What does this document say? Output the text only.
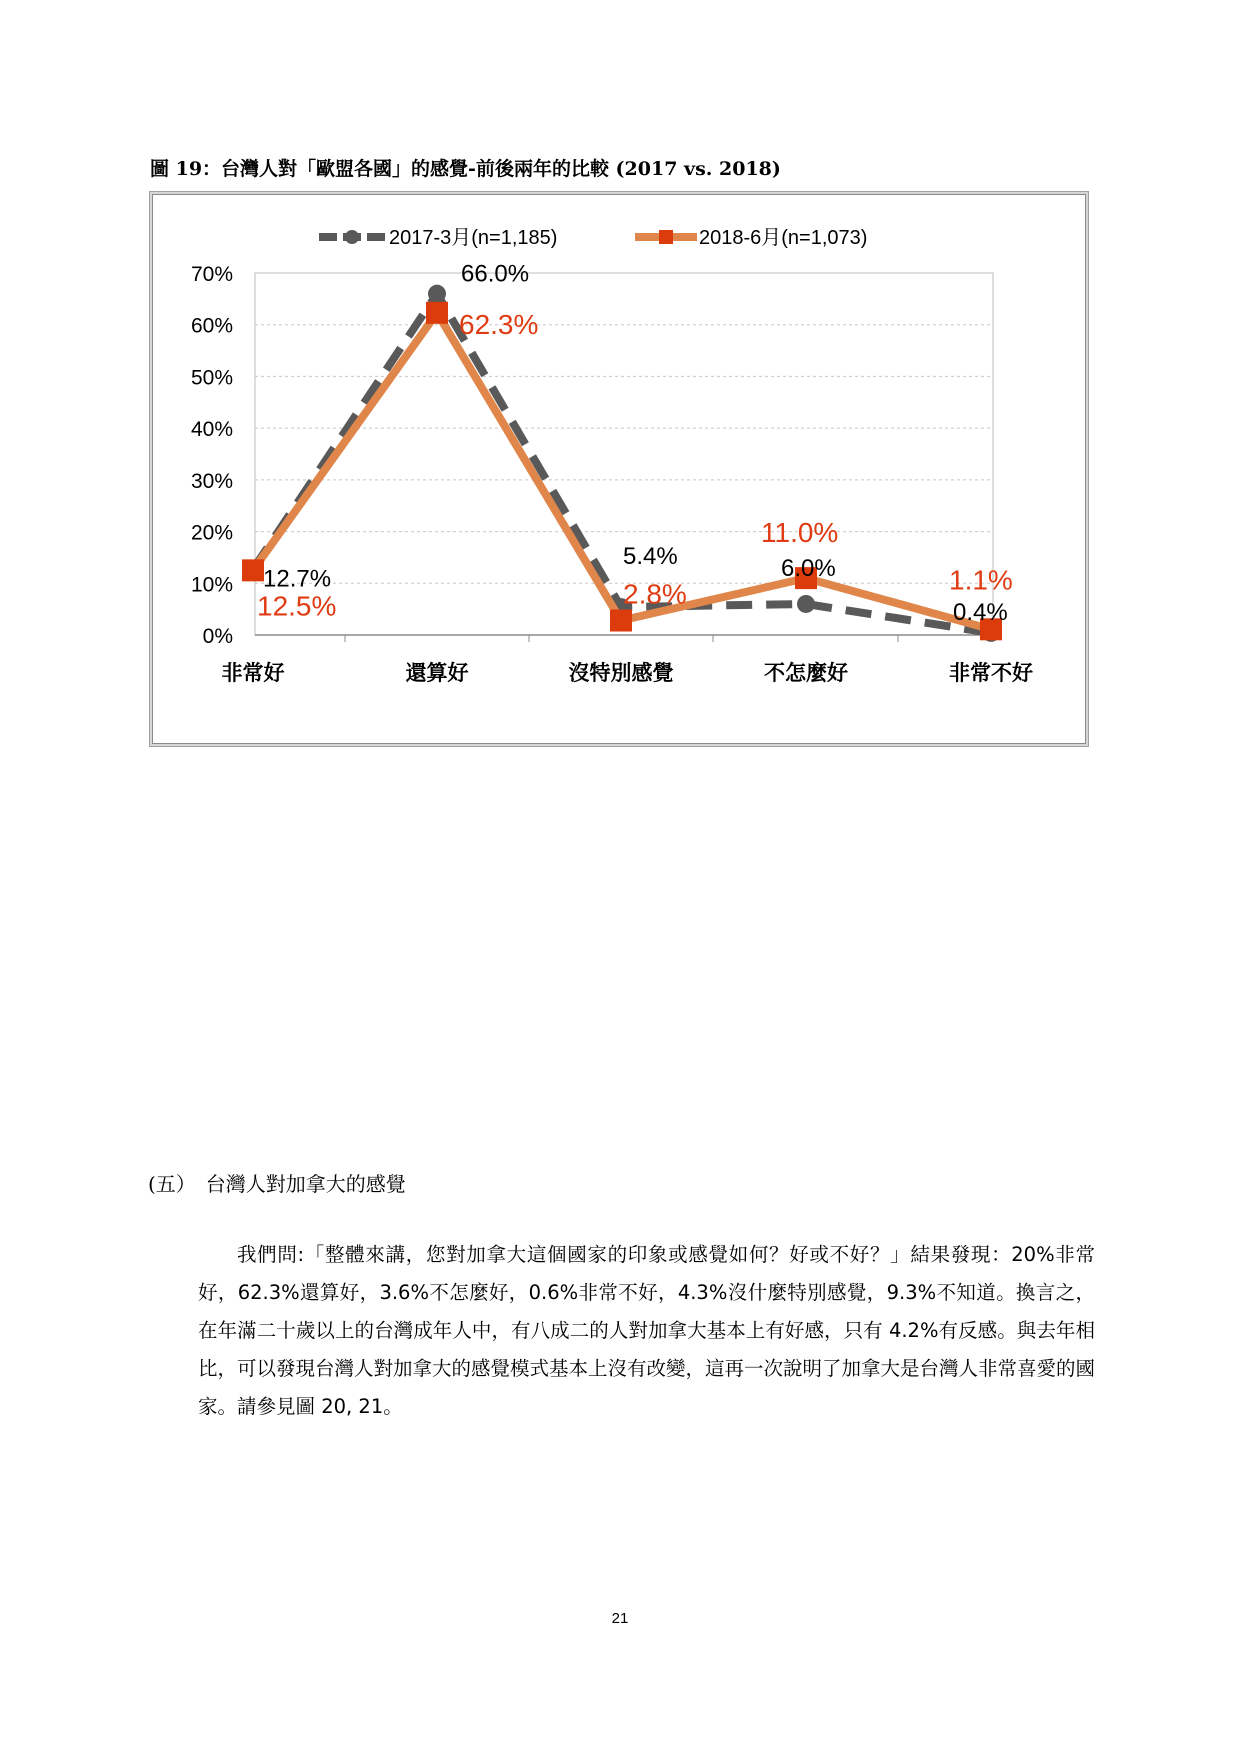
圖 19：台灣人對「歐盟各國」的感覺-前後兩年的比較 (2017 vs. 2018)
0%
10%
20%
30%
40%
50%
60%
70%
非常好	還算好	沒特別感覺	不怎麼好	非常不好
12.7%
66.0%
5.4%	6.0%
0.4%
12.5%
62.3%
2.8%
11.0%
1.1%
2017-3月(n=1,185)	2018-6月(n=1,073)
(五）　台灣人對加拿大的感覺

我們問:「整體來講，您對加拿大這個國家的印象或感覺如何？好或不好？」結果發現：20%非常好，62.3%還算好，3.6%不怎麼好，0.6%非常不好，4.3%沒什麼特別感覺，9.3%不知道。換言之，在年滿二十歲以上的台灣成年人中，有八成二的人對加拿大基本上有好感，只有 4.2%有反感。與去年相比，可以發現台灣人對加拿大的感覺模式基本上沒有改變，這再一次說明了加拿大是台灣人非常喜愛的國家。請參見圖 20, 21。

21
